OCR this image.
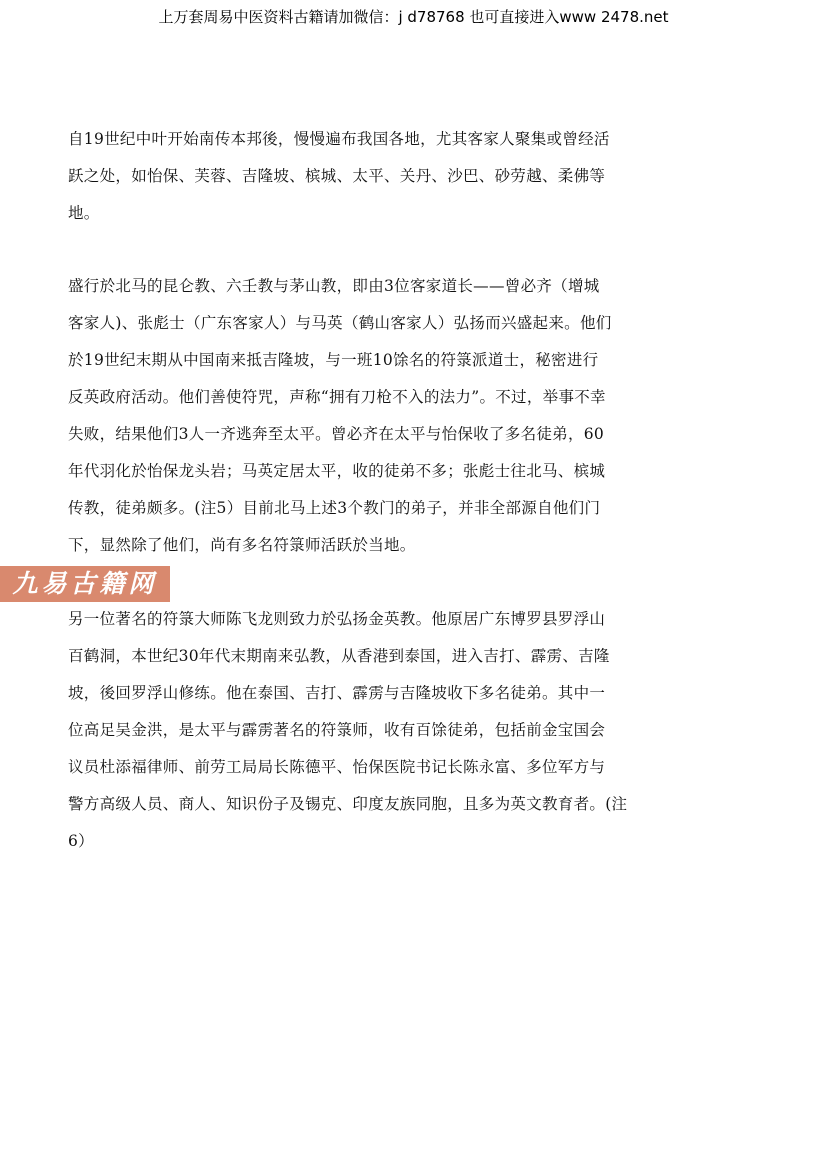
上万套周易中医资料古籍请加微信：j d78768 也可直接进入www 2478.net
自19世纪中叶开始南传本邦後，慢慢遍布我国各地，尤其客家人聚集或曾经活
跃之处，如怡保、芙蓉、吉隆坡、槟城、太平、关丹、沙巴、砂劳越、柔佛等
地。
盛行於北马的昆仑教、六壬教与茅山教，即由3位客家道长——曾必齐（增城
客家人)、张彪士（广东客家人）与马英（鹤山客家人）弘扬而兴盛起来。他们
於19世纪末期从中国南来抵吉隆坡，与一班10馀名的符箓派道士，秘密进行
反英政府活动。他们善使符咒，声称“拥有刀枪不入的法力”。不过，举事不幸
失败，结果他们3人一齐逃奔至太平。曾必齐在太平与怡保收了多名徒弟，60
年代羽化於怡保龙头岩；马英定居太平，收的徒弟不多；张彪士往北马、槟城
传教，徒弟颇多。(注5）目前北马上述3个教门的弟子，并非全部源自他们门
下，显然除了他们，尚有多名符箓师活跃於当地。
九易古籍网
另一位著名的符箓大师陈飞龙则致力於弘扬金英教。他原居广东博罗县罗浮山
百鹤洞，本世纪30年代末期南来弘教，从香港到泰国，进入吉打、霹雳、吉隆
坡，後回罗浮山修练。他在泰国、吉打、霹雳与吉隆坡收下多名徒弟。其中一
位高足吴金洪，是太平与霹雳著名的符箓师，收有百馀徒弟，包括前金宝国会
议员杜添福律师、前劳工局局长陈德平、怡保医院书记长陈永富、多位军方与
警方高级人员、商人、知识份子及锡克、印度友族同胞，且多为英文教育者。(注
6）
